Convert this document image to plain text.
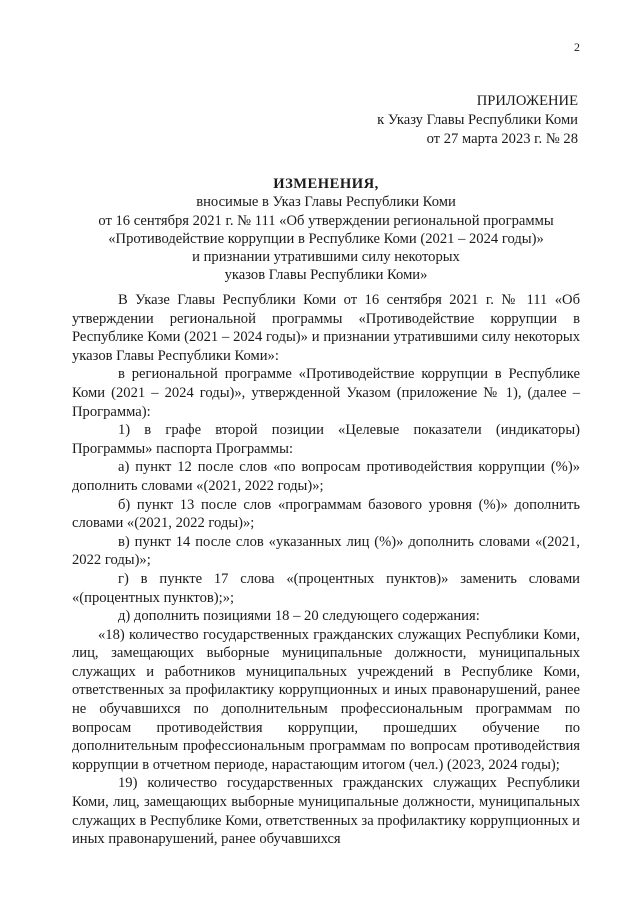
2
ПРИЛОЖЕНИЕ
к Указу Главы Республики Коми
от 27 марта 2023 г. № 28
ИЗМЕНЕНИЯ,
вносимые в Указ Главы Республики Коми
от 16 сентября 2021 г. № 111 «Об утверждении региональной программы
«Противодействие коррупции в Республике Коми (2021 – 2024 годы)»
и признании утратившими силу некоторых
указов Главы Республики Коми»

В Указе Главы Республики Коми от 16 сентября 2021 г. № 111 «Об утверждении региональной программы «Противодействие коррупции в Республике Коми (2021 – 2024 годы)» и признании утратившими силу некоторых указов Главы Республики Коми»:

в региональной программе «Противодействие коррупции в Республике Коми (2021 – 2024 годы)», утвержденной Указом (приложение № 1), (далее – Программа):

1) в графе второй позиции «Целевые показатели (индикаторы) Программы» паспорта Программы:

а) пункт 12 после слов «по вопросам противодействия коррупции (%)» дополнить словами «(2021, 2022 годы)»;

б) пункт 13 после слов «программам базового уровня (%)» дополнить словами «(2021, 2022 годы)»;

в) пункт 14 после слов «указанных лиц (%)» дополнить словами «(2021, 2022 годы)»;

г) в пункте 17 слова «(процентных пунктов)» заменить словами «(процентных пунктов);»;

д) дополнить позициями 18 – 20 следующего содержания:

«18) количество государственных гражданских служащих Республики Коми, лиц, замещающих выборные муниципальные должности, муниципальных служащих и работников муниципальных учреждений в Республике Коми, ответственных за профилактику коррупционных и иных правонарушений, ранее не обучавшихся по дополнительным профессиональным программам по вопросам противодействия коррупции, прошедших обучение по дополнительным профессиональным программам по вопросам противодействия коррупции в отчетном периоде, нарастающим итогом (чел.) (2023, 2024 годы);

19) количество государственных гражданских служащих Республики Коми, лиц, замещающих выборные муниципальные должности, муниципальных служащих в Республике Коми, ответственных за профилактику коррупционных и иных правонарушений, ранее обучавшихся
